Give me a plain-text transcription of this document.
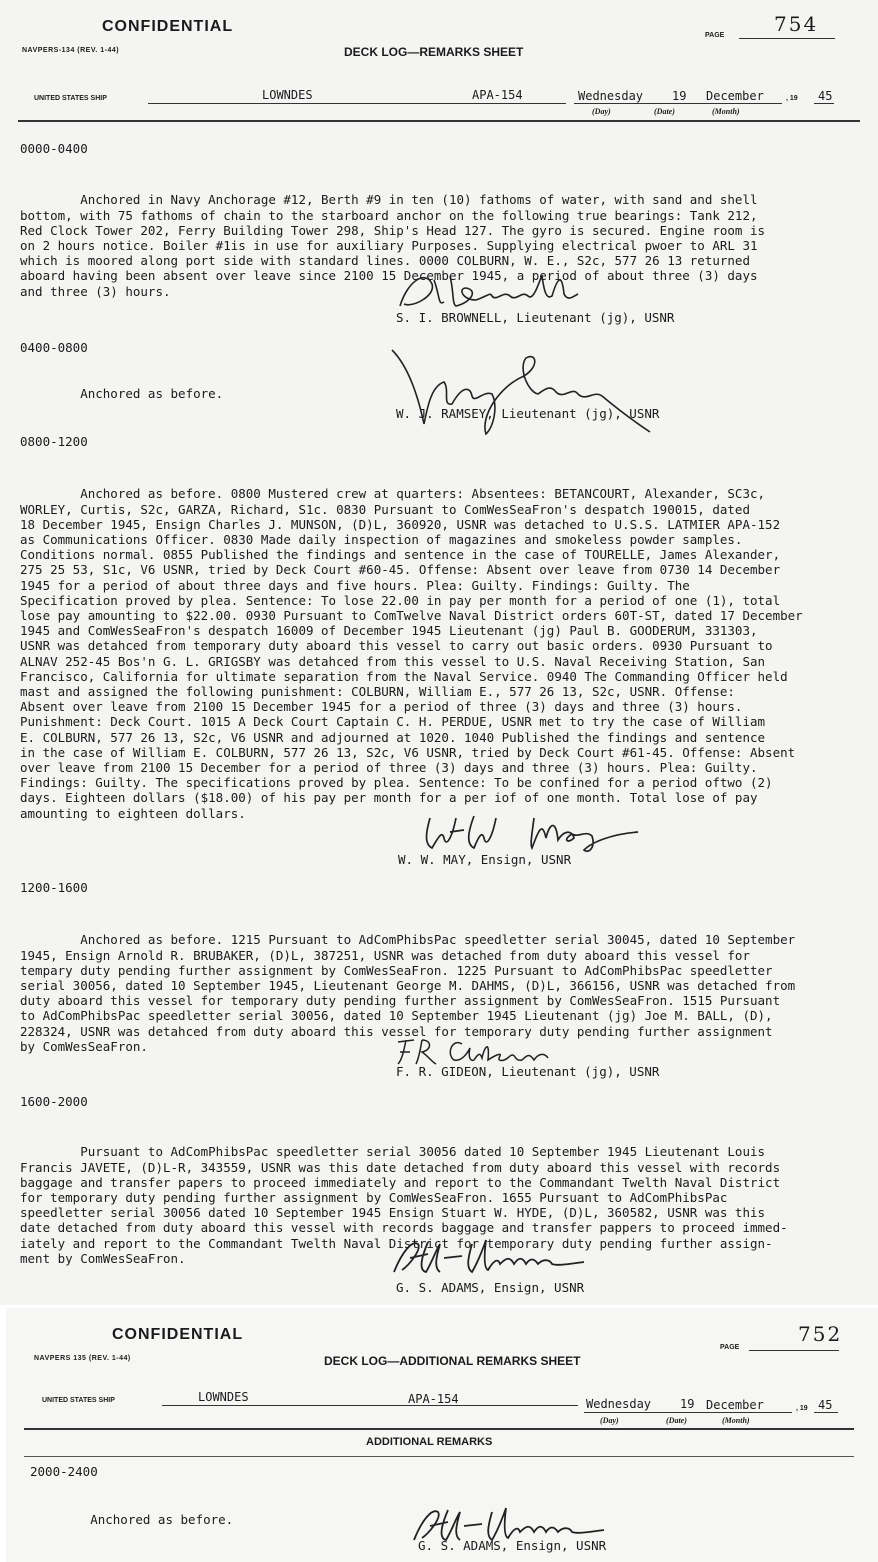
CONFIDENTIAL
NAVPERS-134 (REV. 1-44)	DECK LOG—REMARKS SHEET
PAGE 754
UNITED STATES SHIP	LOWNDES	APA-154	Wednesday 19 December	, 19 45
(Day)	(Date)	(Month)
0000-0400

Anchored in Navy Anchorage #12, Berth #9 in ten (10) fathoms of water, with sand and shell
bottom, with 75 fathoms of chain to the starboard anchor on the following true bearings: Tank 212,
Red Clock Tower 202, Ferry Building Tower 298, Ship's Head 127. The gyro is secured. Engine room is
on 2 hours notice. Boiler #1is in use for auxiliary Purposes. Supplying electrical pwoer to ARL 31
which is moored along port side with standard lines. 0000 COLBURN, W. E., S2c, 577 26 13 returned
aboard having been absent over leave since 2100 15 December 1945, a period of about three (3) days
and three (3) hours.

S. I. BROWNELL, Lieutenant (jg), USNR
0400-0800

Anchored as before.

W. J. RAMSEY, Lieutenant (jg), USNR
0800-1200

Anchored as before. 0800 Mustered crew at quarters: Absentees: BETANCOURT, Alexander, SC3c,
WORLEY, Curtis, S2c, GARZA, Richard, S1c. 0830 Pursuant to ComWesSeaFron's despatch 190015, dated
18 December 1945, Ensign Charles J. MUNSON, (D)L, 360920, USNR was detached to U.S.S. LATMIER APA-152
as Communications Officer. 0830 Made daily inspection of magazines and smokeless powder samples.
Conditions normal. 0855 Published the findings and sentence in the case of TOURELLE, James Alexander,
275 25 53, S1c, V6 USNR, tried by Deck Court #60-45. Offense: Absent over leave from 0730 14 December
1945 for a period of about three days and five hours. Plea: Guilty. Findings: Guilty. The
Specification proved by plea. Sentence: To lose 22.00 in pay per month for a period of one (1), total
lose pay amounting to $22.00. 0930 Pursuant to ComTwelve Naval District orders 60T-ST, dated 17 December
1945 and ComWesSeaFron's despatch 16009 of December 1945 Lieutenant (jg) Paul B. GOODERUM, 331303,
USNR was detahced from temporary duty aboard this vessel to carry out basic orders. 0930 Pursuant to
ALNAV 252-45 Bos'n G. L. GRIGSBY was detahced from this vessel to U.S. Naval Receiving Station, San
Francisco, California for ultimate separation from the Naval Service. 0940 The Commanding Officer held
mast and assigned the following punishment: COLBURN, William E., 577 26 13, S2c, USNR. Offense:
Absent over leave from 2100 15 December 1945 for a period of three (3) days and three (3) hours.
Punishment: Deck Court. 1015 A Deck Court Captain C. H. PERDUE, USNR met to try the case of William
E. COLBURN, 577 26 13, S2c, V6 USNR and adjourned at 1020. 1040 Published the findings and sentence
in the case of William E. COLBURN, 577 26 13, S2c, V6 USNR, tried by Deck Court #61-45. Offense: Absent
over leave from 2100 15 December for a period of three (3) days and three (3) hours. Plea: Guilty.
Findings: Guilty. The specifications proved by plea. Sentence: To be confined for a period oftwo (2)
days. Eighteen dollars ($18.00) of his pay per month for a per iof of one month. Total lose of pay
amounting to eighteen dollars.

W. W. MAY, Ensign, USNR
1200-1600

Anchored as before. 1215 Pursuant to AdComPhibsPac speedletter serial 30045, dated 10 September
1945, Ensign Arnold R. BRUBAKER, (D)L, 387251, USNR was detached from duty aboard this vessel for
tempary duty pending further assignment by ComWesSeaFron. 1225 Pursuant to AdComPhibsPac speedletter
serial 30056, dated 10 September 1945, Lieutenant George M. DAHMS, (D)L, 366156, USNR was detached from
duty aboard this vessel for temporary duty pending further assignment by ComWesSeaFron. 1515 Pursuant
to AdComPhibsPac speedletter serial 30056, dated 10 September 1945 Lieutenant (jg) Joe M. BALL, (D),
228324, USNR was detahced from duty aboard this vessel for temporary duty pending further assignment
by ComWesSeaFron.

F. R. GIDEON, Lieutenant (jg), USNR
1600-2000

Pursuant to AdComPhibsPac speedletter serial 30056 dated 10 September 1945 Lieutenant Louis
Francis JAVETE, (D)L-R, 343559, USNR was this date detached from duty aboard this vessel with records
baggage and transfer papers to proceed immediately and report to the Commandant Twelth Naval District
for temporary duty pending further assignment by ComWesSeaFron. 1655 Pursuant to AdComPhibsPac
speedletter serial 30056 dated 10 September 1945 Ensign Stuart W. HYDE, (D)L, 360582, USNR was this
date detached from duty aboard this vessel with records baggage and transfer pappers to proceed immed-
iately and report to the Commandant Twelth Naval District for temporary duty pending further assign-
ment by ComWesSeaFron.

G. S. ADAMS, Ensign, USNR
CONFIDENTIAL
NAVPERS 135 (REV. 1-44)	DECK LOG—ADDITIONAL REMARKS SHEET
PAGE
752
UNITED STATES SHIP	LOWNDES	APA-154	Wednesday 19 December	, 19 45
(Day)	(Date)	(Month)
ADDITIONAL REMARKS
2000-2400

Anchored as before.

G. S. ADAMS, Ensign, USNR
